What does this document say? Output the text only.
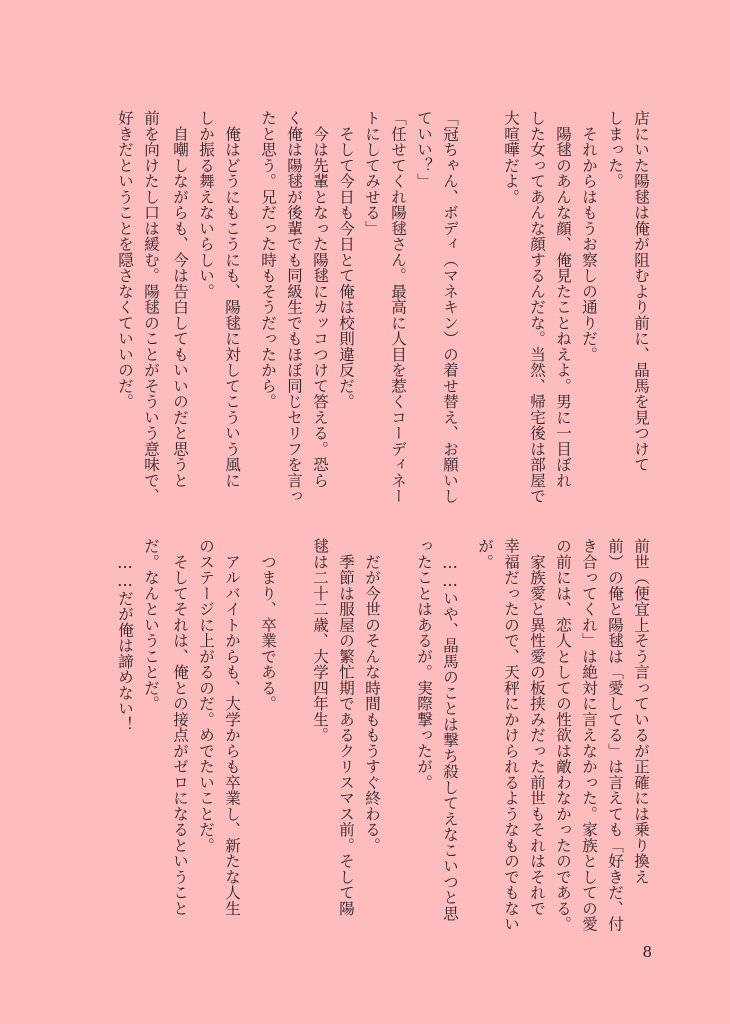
店にいた陽毬は俺が阻むより前に、晶馬を見つけて
しまった。
　それからはもうお察しの通りだ。
　陽毬のあんな顔、俺見たことねえよ。男に一目ぼれ
した女ってあんな顔するんだな。当然、帰宅後は部屋で
大喧嘩だよ。
「冠ちゃん、ボディ（マネキン）の着せ替え、お願いし
ていい？」
「任せてくれ陽毬さん。最高に人目を惹くコーディネー
トにしてみせる」
　そして今日も今日とて俺は校則違反だ。
　今は先輩となった陽毬にカッコつけて答える。恐ら
く俺は陽毬が後輩でも同級生でもほぼ同じセリフを言っ
たと思う。兄だった時もそうだったから。
　俺はどうにもこうにも、陽毬に対してこういう風に
しか振る舞えないらしい。
　自嘲しながらも、今は告白してもいいのだと思うと
前を向けたし口は緩む。陽毬のことがそういう意味で、
好きだということを隠さなくていいのだ。
前世（便宜上そう言っているが正確には乗り換え
前）の俺と陽毬は「愛してる」は言えても「好きだ、付
き合ってくれ」は絶対に言えなかった。家族としての愛
の前には、恋人としての性欲は敵わなかったのである。
　家族愛と異性愛の板挟みだった前世もそれはそれで
幸福だったので、天秤にかけられるようなものでもない
が。
　……いや、晶馬のことは撃ち殺してえなこいつと思
ったことはあるが。実際撃ったが。
　だが今世のそんな時間ももうすぐ終わる。
　季節は服屋の繁忙期であるクリスマス前。そして陽
毬は二十二歳、大学四年生。
　つまり、卒業である。
　アルバイトからも、大学からも卒業し、新たな人生
のステージに上がるのだ。めでたいことだ。
　そしてそれは、俺との接点がゼロになるということ
だ。なんということだ。
　……だが俺は諦めない！
8
